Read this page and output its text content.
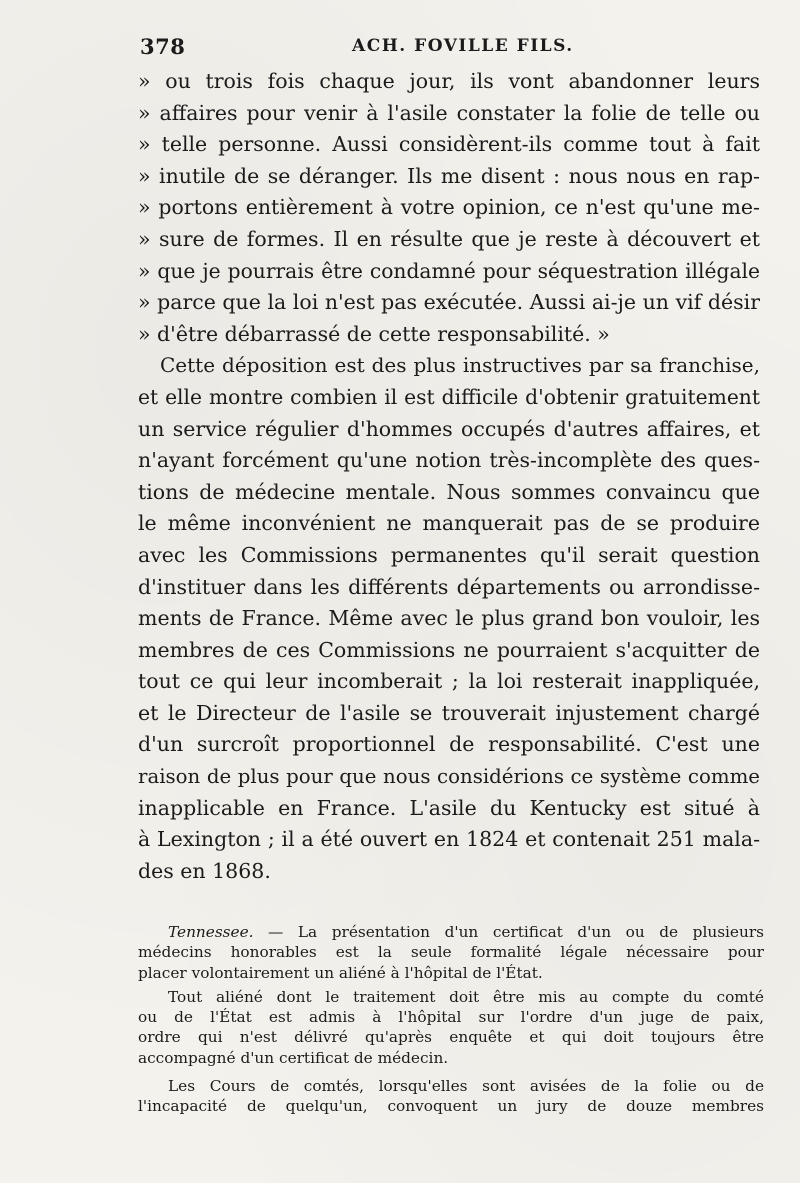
378	ACH. FOVILLE FILS.
» ou trois fois chaque jour, ils vont abandonner leurs
» affaires pour venir à l'asile constater la folie de telle ou
» telle personne. Aussi considèrent-ils comme tout à fait
» inutile de se déranger. Ils me disent : nous nous en rap-
» portons entièrement à votre opinion, ce n'est qu'une me-
» sure de formes. Il en résulte que je reste à découvert et
» que je pourrais être condamné pour séquestration illégale
» parce que la loi n'est pas exécutée. Aussi ai-je un vif désir
» d'être débarrassé de cette responsabilité. »
Cette déposition est des plus instructives par sa franchise,
et elle montre combien il est difficile d'obtenir gratuitement
un service régulier d'hommes occupés d'autres affaires, et
n'ayant forcément qu'une notion très-incomplète des ques-
tions de médecine mentale. Nous sommes convaincu que
le même inconvénient ne manquerait pas de se produire
avec les Commissions permanentes qu'il serait question
d'instituer dans les différents départements ou arrondisse-
ments de France. Même avec le plus grand bon vouloir, les
membres de ces Commissions ne pourraient s'acquitter de
tout ce qui leur incomberait ; la loi resterait inappliquée,
et le Directeur de l'asile se trouverait injustement chargé
d'un surcroît proportionnel de responsabilité. C'est une
raison de plus pour que nous considérions ce système comme
inapplicable en France. L'asile du Kentucky est situé à
à Lexington ; il a été ouvert en 1824 et contenait 251 mala-
des en 1868.
Tennessee. — La présentation d'un certificat d'un ou de plusieurs
médecins honorables est la seule formalité légale nécessaire pour
placer volontairement un aliéné à l'hôpital de l'État.
Tout aliéné dont le traitement doit être mis au compte du comté
ou de l'État est admis à l'hôpital sur l'ordre d'un juge de paix,
ordre qui n'est délivré qu'après enquête et qui doit toujours être
accompagné d'un certificat de médecin.
Les Cours de comtés, lorsqu'elles sont avisées de la folie ou de
l'incapacité de quelqu'un, convoquent un jury de douze membres
